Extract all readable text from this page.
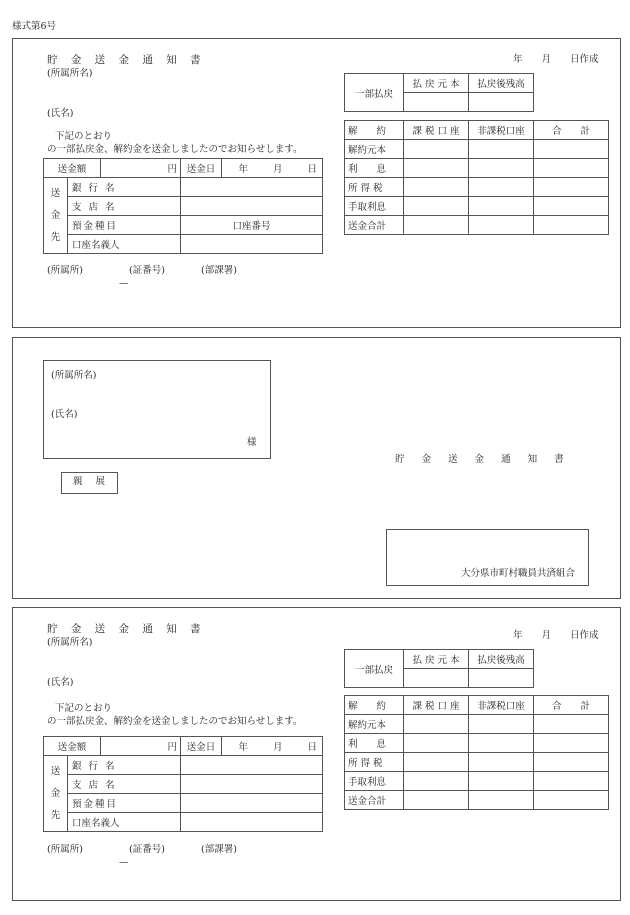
様式第6号
貯 金 送 金 通 知 書
(所属所名)
年　　月　　日作成
(氏名)
下記のとおり
の一部払戻金、解約金を送金しましたのでお知らせします。
送金額		円	送金日	年　　月　　日
送
金
先	銀 行 名			
	支 店 名			
	預金種目		口座番号	
	口座名義人			
(所属所)	(証番号)	(部課署)
—
一部払戻	払 戻 元 本	払戻後残高

解　　約	課 税 口 座	非課税口座	合　　計
解約元本			
利　　息			
所 得 税			
手取利息			
送金合計			
(所属所名)
(氏名)
様
親 展
貯 金 送 金 通 知 書
大分県市町村職員共済組合
貯 金 送 金 通 知 書
(所属所名)
年　　月　　日作成
(氏名)
下記のとおり
の一部払戻金、解約金を送金しましたのでお知らせします。
送金額		円	送金日	年　　月　　日
送
金
先	銀 行 名			
	支 店 名			
	預金種目			
	口座名義人			
(所属所)	(証番号)	(部課署)
—
一部払戻	払 戻 元 本	払戻後残高

解　　約	課 税 口 座	非課税口座	合　　計
解約元本			
利　　息			
所 得 税			
手取利息			
送金合計			
